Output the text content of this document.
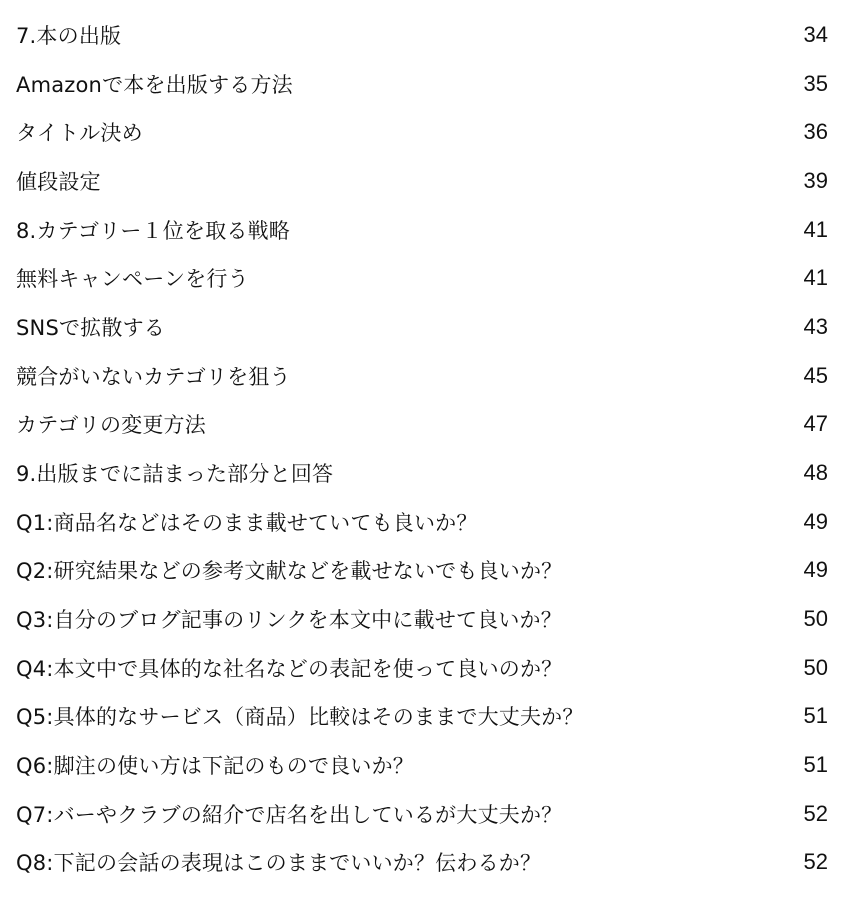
7.本の出版	34
Amazonで本を出版する方法	35
タイトル決め	36
値段設定	39
8.カテゴリー１位を取る戦略	41
無料キャンペーンを行う	41
SNSで拡散する	43
競合がいないカテゴリを狙う	45
カテゴリの変更方法	47
9.出版までに詰まった部分と回答	48
Q1:商品名などはそのまま載せていても良いか？	49
Q2:研究結果などの参考文献などを載せないでも良いか？	49
Q3:自分のブログ記事のリンクを本文中に載せて良いか？	50
Q4:本文中で具体的な社名などの表記を使って良いのか？	50
Q5:具体的なサービス（商品）比較はそのままで大丈夫か？	51
Q6:脚注の使い方は下記のもので良いか？	51
Q7:バーやクラブの紹介で店名を出しているが大丈夫か？	52
Q8:下記の会話の表現はこのままでいいか？伝わるか？	52
